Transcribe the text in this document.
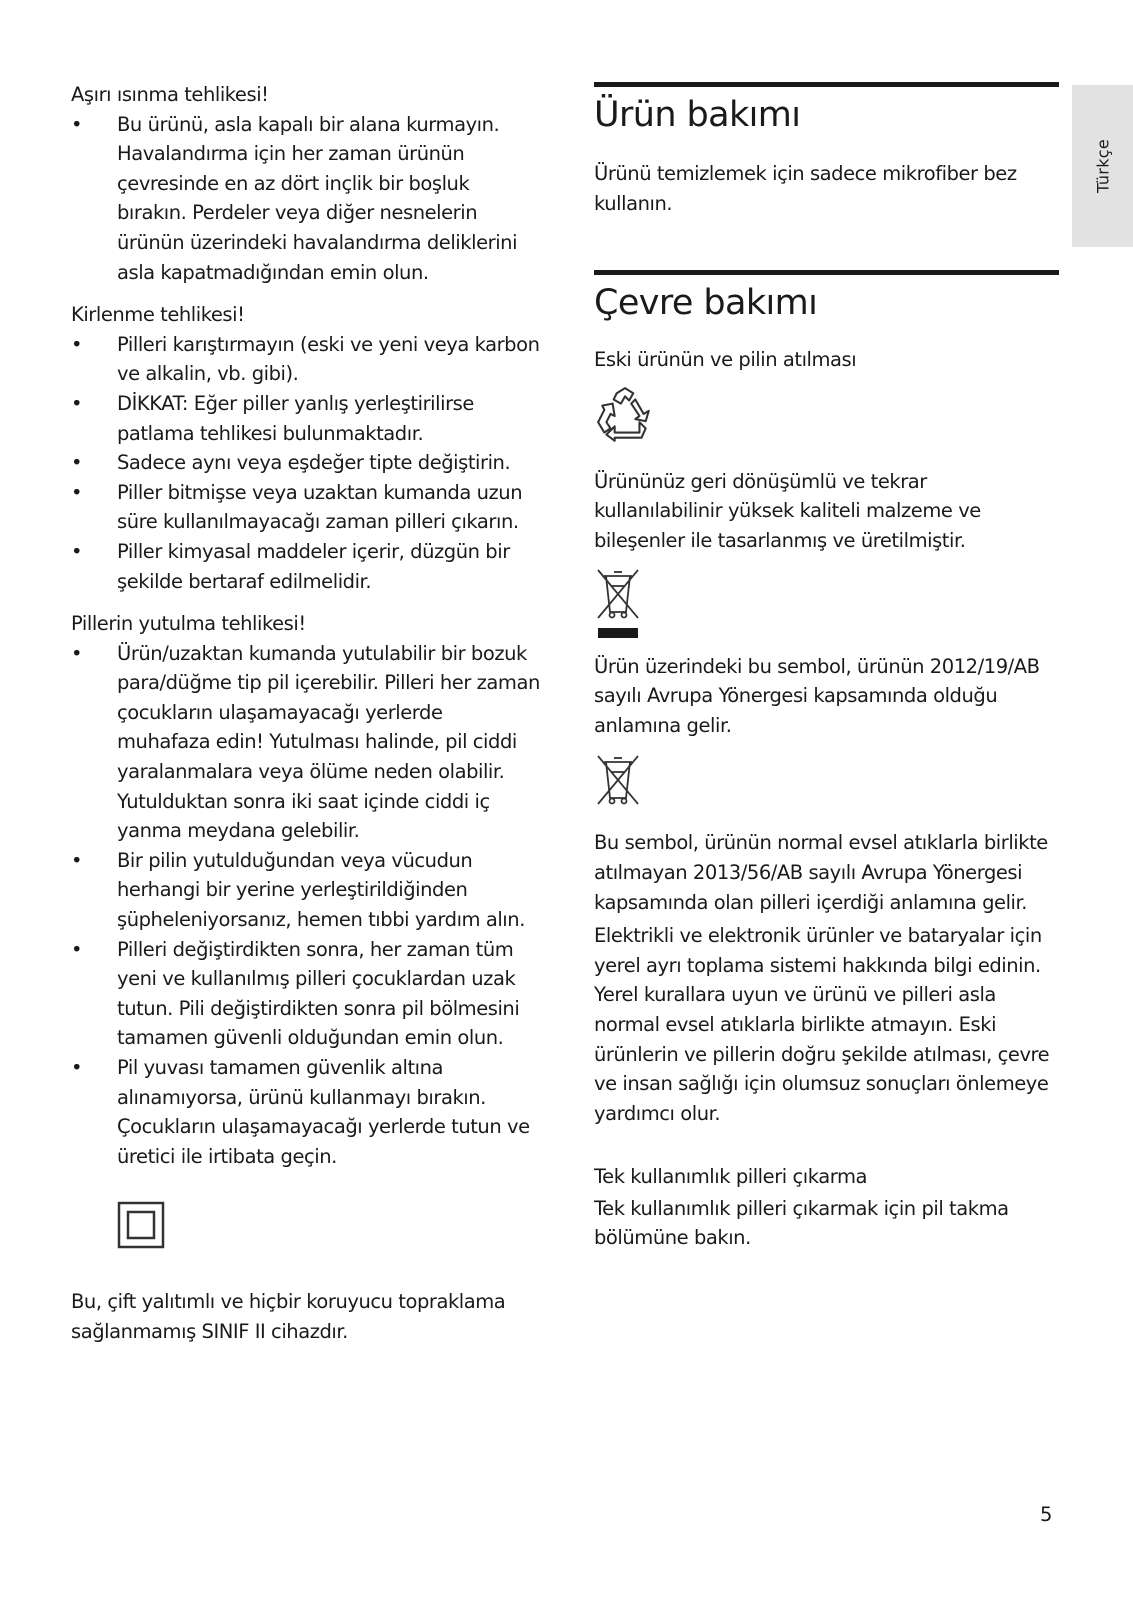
Aşırı ısınma tehlikesi!

• Bu ürünü, asla kapalı bir alana kurmayın. Havalandırma için her zaman ürünün çevresinde en az dört inçlik bir boşluk bırakın. Perdeler veya diğer nesnelerin ürünün üzerindeki havalandırma deliklerini asla kapatmadığından emin olun.

Kirlenme tehlikesi!

• Pilleri karıştırmayın (eski ve yeni veya karbon ve alkalin, vb. gibi).
• DİKKAT: Eğer piller yanlış yerleştirilirse patlama tehlikesi bulunmaktadır.
• Sadece aynı veya eşdeğer tipte değiştirin.
• Piller bitmişse veya uzaktan kumanda uzun süre kullanılmayacağı zaman pilleri çıkarın.
• Piller kimyasal maddeler içerir, düzgün bir şekilde bertaraf edilmelidir.

Pillerin yutulma tehlikesi!

• Ürün/uzaktan kumanda yutulabilir bir bozuk para/düğme tip pil içerebilir. Pilleri her zaman çocukların ulaşamayacağı yerlerde muhafaza edin! Yutulması halinde, pil ciddi yaralanmalara veya ölüme neden olabilir. Yutulduktan sonra iki saat içinde ciddi iç yanma meydana gelebilir.
• Bir pilin yutulduğundan veya vücudun herhangi bir yerine yerleştirildiğinden şüpheleniyorsanız, hemen tıbbi yardım alın.
• Pilleri değiştirdikten sonra, her zaman tüm yeni ve kullanılmış pilleri çocuklardan uzak tutun. Pili değiştirdikten sonra pil bölmesini tamamen güvenli olduğundan emin olun.
• Pil yuvası tamamen güvenlik altına alınamıyorsa, ürünü kullanmayı bırakın. Çocukların ulaşamayacağı yerlerde tutun ve üretici ile irtibata geçin.

Bu, çift yalıtımlı ve hiçbir koruyucu topraklama sağlanmamış SINIF II cihazdır.

Ürün bakımı

Ürünü temizlemek için sadece mikrofiber bez kullanın.

Çevre bakımı

Eski ürünün ve pilin atılması

Ürününüz geri dönüşümlü ve tekrar kullanılabilinir yüksek kaliteli malzeme ve bileşenler ile tasarlanmış ve üretilmiştir.

Ürün üzerindeki bu sembol, ürünün 2012/19/AB sayılı Avrupa Yönergesi kapsamında olduğu anlamına gelir.

Bu sembol, ürünün normal evsel atıklarla birlikte atılmayan 2013/56/AB sayılı Avrupa Yönergesi kapsamında olan pilleri içerdiği anlamına gelir.

Elektrikli ve elektronik ürünler ve bataryalar için yerel ayrı toplama sistemi hakkında bilgi edinin. Yerel kurallara uyun ve ürünü ve pilleri asla normal evsel atıklarla birlikte atmayın. Eski ürünlerin ve pillerin doğru şekilde atılması, çevre ve insan sağlığı için olumsuz sonuçları önlemeye yardımcı olur.

Tek kullanımlık pilleri çıkarma

Tek kullanımlık pilleri çıkarmak için pil takma bölümüne bakın.

Türkçe
5
